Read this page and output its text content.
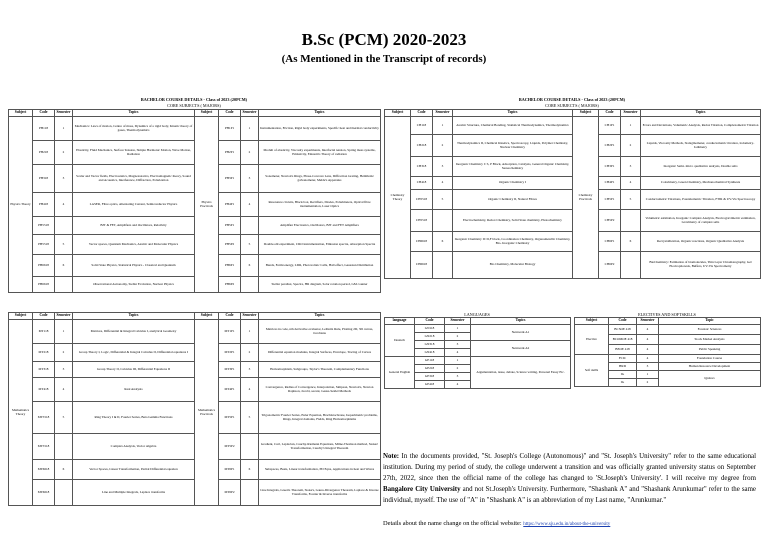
B.Sc (PCM) 2020-2023
(As Mentioned in the Transcript of records)
BACHELOR COURSE DETAILS - Class of 2023 (20PCM)
CORE SUBJECTS ( MAJORS)
Subject	Code	Semester	Topics	Subject	Code	Semester	Topics
Physics Theory	PH118	1	Mechanics: Laws of motion, Centre of mass, Dynamics of a rigid body, Kinetic theory of gases, Thermodynamics	Physics Practicals	PH1P1	1	Instrumentation, Friction, Rigid body experiments, Specific heat and thermal conductivity
	PH218	2	Elasticity, Fluid Mechanics, Surface Tension, Simple Harmonic Motion, Wave Motion, Radiation		PH2P1	2	Moduli of elasticity, Viscosity experiments, Interfacial tension, Spring mass systems, Emissivity, Einstein's Theory of radiation
	PH318	3	Scalar and Vector fields, Electrostatics, Magnetostatics, Electromagnetic theory, Sound and Acoustics, Interference, Diffraction, Polarization		PH3P1	3	Sonometer, Newton's Rings, Phase-Concave Lens, Diffraction Grating, Helmholtz galvanometer, Melde's Apparatus
	PH418	4	LASER, Fibre optics, Alternating Current, Semiconductor Physics		PH4P1	4	Resonance circuits, Black box, Rectifiers, Diodes, Polarimeters, Optical fibre instrumentation, Laser Optics
	PH5518		BJT & FET, Amplifiers and Oscillators, Relativity		PH5P1		Amplifier Electronics, Oscillators, BJT and FET Amplifiers
	PH5518	5	Vector spaces, Quantum Mechanics, Atomic and Molecular Physics		PH5P2	5	Double-slit experiment, CRO instrumentation, Emission spectra, Absorption Spectra
	PH6618	6	Solid State Physics, Statistical Physics - Classical and Quantum		PH6P1	6	Bands, Fermi energy, LDR, Photovoltaic Cells, Hall effect, Gaussian Distribution
	PH6618		Observational Astronomy, Stellar Evolution, Nuclear Physics		PH6P2		Stellar parallax, Spectra, HR diagram, Solar rotation period, GM counter
BACHELOR COURSE DETAILS - Class of 2023 (20PCM)
CORE SUBJECTS ( MAJORS)
Subject	Code	Semester	Topics	Subject	Code	Semester	Topics
Chemistry Theory	CH118	1	Atomic Structure, Chemical Bonding, Statistical Thermodynamics, Thermodynamics	Chemistry Practicals	CH1P1	1	Errors and Deviations, Volumetric Analysis, Redox Titration, Complexometric Titration
	CH218	2	Thermodynamics II, Chemical Kinetics, Spectroscopy, Liquids, Polymer Chemistry, Nuclear Chemistry		CH2P1	2	Liquids, Viscosity Methods, Stalagmometer, conductometric titration, Iodometry-Iodimetry
	CH318	3	Inorganic Chemistry I: S, P Block, Adsorption, Catalysis, General Organic Chemistry, Stereochemistry		CH3P1	3	Inorganic Semi- micro qualitative analysis, Double salts
	CH418	4	Organic Chemistry I		CH4P1	4	Colorimetry, Green Chemistry, Mechanochemical Synthesis
	CH5518	5	Organic Chemistry II, Natural Fibres		CH5P1	5	Conductometric Titrations, Potentiometric Titration, FTIR & UV-Vis Spectroscopy
	CH5518		Electrochemistry, Redox Chemistry, Solid State chemistry, Photochemistry		CH5P2		Volumetric estimation, Inorganic Complex Analysis, Electrogravimetric estimation, Gravimetry of complex salts
	CH6618	6	Inorganic Chemistry II: D,F block, Coordination Chemistry, Organometallic Chemistry, Bio- Inorganic Chemistry		CH6P1	6	Recrystallization, Organic reactions, Organic Qualitative Analysis
	CH6618		Bio Chemistry, Molecular Biology		CH6P2		BioChemistry: Estimation of biomolecules, Thin Layer Chromatography, Gel Electrophoresis, Buffers, UV-Vis Spectrometry
Subject	Code	Semester	Topics	Subject	Code	Semester	Topics
Mathematics Theory	MT118	1	Matrices, Differential & Integral Calculus I, analytical Geometry	Mathematics Practicals	MT1P1	1	Matrices in code, nth derivative evaluator, Leibnitz Rule, Plotting 2D, 3D curves, Jacobians
	MT218	2	Group Theory I, Logic, Differential & Integral Calculus II, Differential equations I		MT2P1	2	Differential equation modules, Integral Surfaces, Envelope, Tracing of Curves
	MT318	3	Group Theory II, Calculus III, Differential Equations II		MT3P1	3	Homomorphism, Subgroups, Taylor's Theorem, Complementary Functions
	MT418	4	Real Analysis		MT4P1	4	Convergence, Radius of Convergence, Interpolation, Simpson, Newton's, Newton Raphson, Jacobi, secant, Gauss-Seidel Methods
	MT5518	5	Ring Theory I & II, Fourier Series, Beta Gamma Functions		MT5P1	5	Trigonometric Fourier Series, Euler Equation, Brachistochrone, Isoperimetric problems, Rings, Integral domains, Fields, Ring Homomorphisms
	MT5518		Complex Analysis, Vector Algebra		MT5P2		Gradient, Curl, Laplacian, Cauchy-Riemann Equations, Milne-Thomson method, Stokes' Transformation, Cauchy's Integral Theorem
	MT6618	6	Vector Spaces, Linear Transformation, Partial Differential equation		MT6P1	6	Subspaces, Basis, Linear transformation, PD Eqns, Applications in heat and Waves
	MT6618		Line and Multiple Integrals, Laplace transforms		MT6P2		Line Integrals, Green's Theorem, Stoke's, Gauss-Divergence Theorem, Laplace & Inverse Transforms, Fourier & Inverse transforms
LANGUAGES
language	Code	Semester	Topics
Deutsch	GN118	1	Netzwerk A1
	GN218	2	
	GN318	3	Netzwerk A2
	GN418	4	
General English	GE118	1	Argumentation, issue, debate, Science writing, Personal Essay Etc.
	GE218	2	
	GE318	3	
	GE418	4	
ELECTIVES AND SOFTSKILLS
Subject	Code	Semester	Topic
Elective	BCSOE 418	4	Forensic Sciences
	BCOMOE 418	4	Stock Market Analysis
	BEOE 418	4	Public Speaking
Soft skills	FCIC	4	Foundation Course
	HRD	3	Human Resource Development
	IG	1	Ignitors
	IG	2	
Note: In the documents provided, "St. Joseph's College (Autonomous)" and "St. Joseph's University" refer to the same educational institution. During my period of study, the college underwent a transition and was officially granted university status on September 27th, 2022, since then the official name of the college has changed to 'St.Joseph's University'. I will receive my degree from Bangalore City University and not St.Joseph's University. Furthermore, "Shashank A" and "Shashank Arunkumar" refer to the same individual, myself. The use of "A" in "Shashank A" is an abbreviation of my Last name, "Arunkumar."
Details about the name change on the official website: https://www.sju.edu.in/about-the-university
